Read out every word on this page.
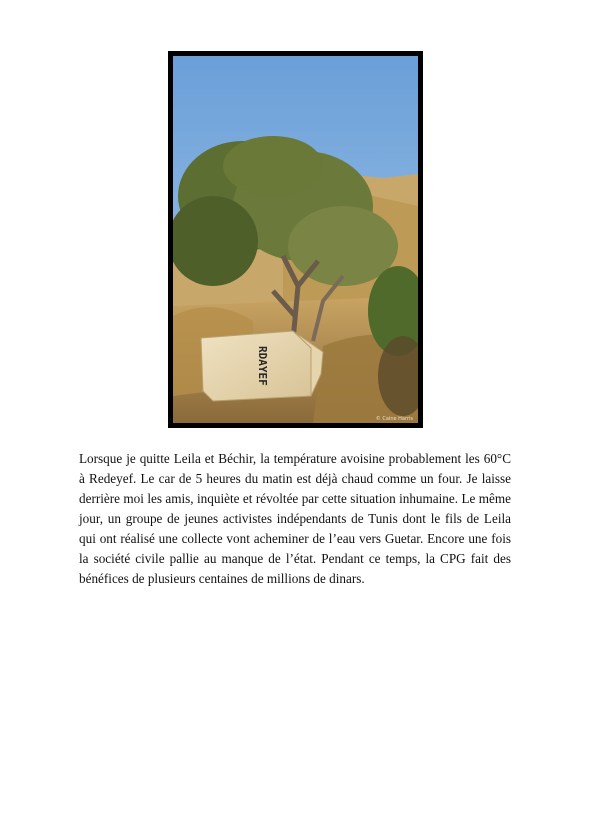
RDAYEF
© Caine Harris

Lorsque je quitte Leila et Béchir, la température avoisine probablement les 60°C à Redeyef. Le car de 5 heures du matin est déjà chaud comme un four. Je laisse derrière moi les amis, inquiète et révoltée par cette situation inhumaine. Le même jour, un groupe de jeunes activistes indépendants de Tunis dont le fils de Leila qui ont réalisé une collecte vont acheminer de l’eau vers Guetar. Encore une fois la société civile pallie au manque de l’état. Pendant ce temps, la CPG fait des bénéfices de plusieurs centaines de millions de dinars.
